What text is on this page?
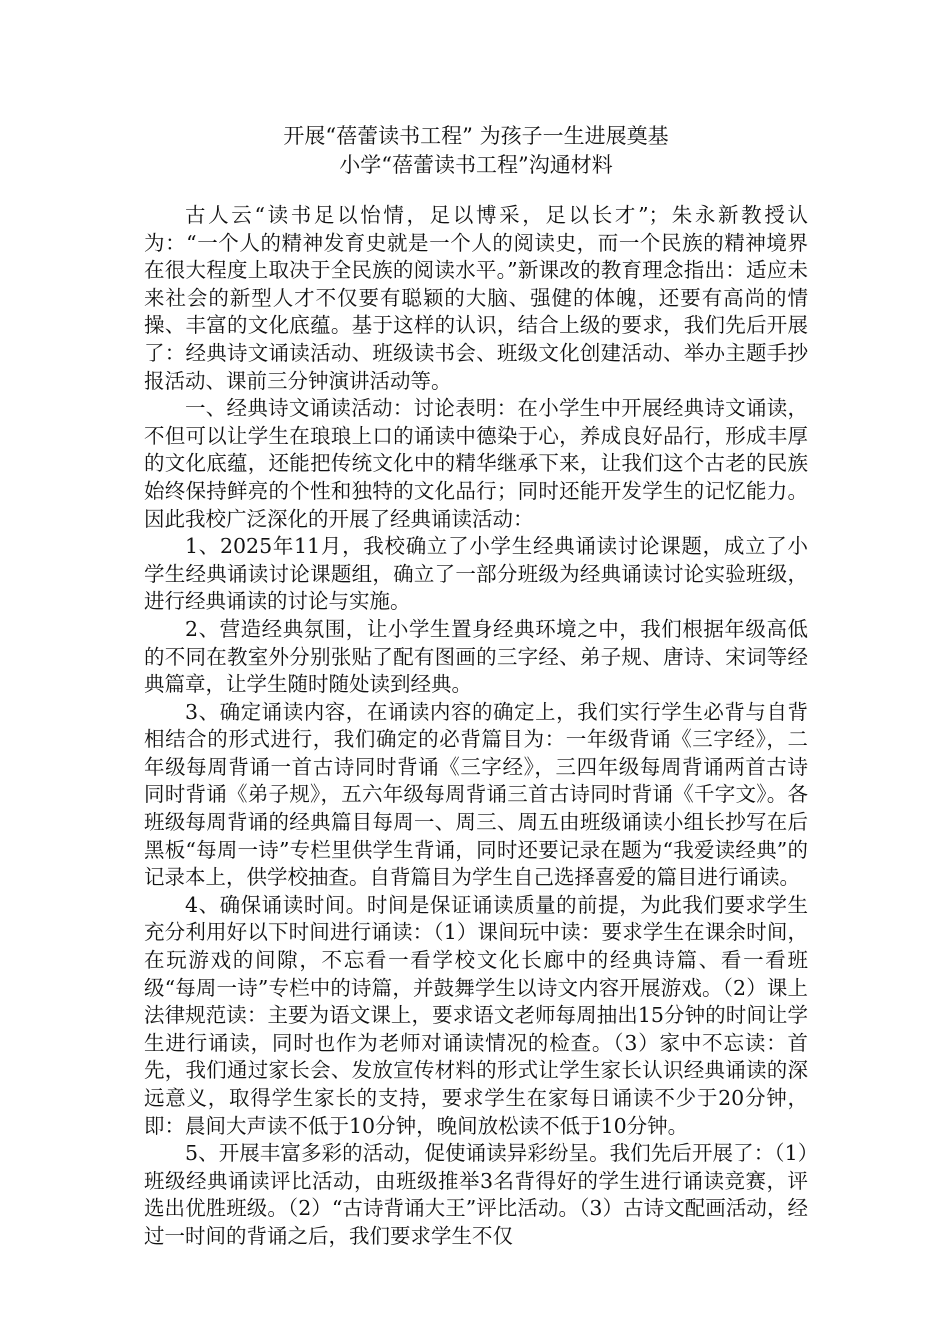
开展“蓓蕾读书工程” 为孩子一生进展奠基
小学“蓓蕾读书工程”沟通材料

古人云“读书足以怡情，足以博采，足以长才”；朱永新教授认为：“一个人的精神发育史就是一个人的阅读史，而一个民族的精神境界在很大程度上取决于全民族的阅读水平。”新课改的教育理念指出：适应未来社会的新型人才不仅要有聪颖的大脑、强健的体魄，还要有高尚的情操、丰富的文化底蕴。基于这样的认识，结合上级的要求，我们先后开展了：经典诗文诵读活动、班级读书会、班级文化创建活动、举办主题手抄报活动、课前三分钟演讲活动等。

一、经典诗文诵读活动：讨论表明：在小学生中开展经典诗文诵读，不但可以让学生在琅琅上口的诵读中德染于心，养成良好品行，形成丰厚的文化底蕴，还能把传统文化中的精华继承下来，让我们这个古老的民族始终保持鲜亮的个性和独特的文化品行；同时还能开发学生的记忆能力。因此我校广泛深化的开展了经典诵读活动：

1、2025年11月，我校确立了小学生经典诵读讨论课题，成立了小学生经典诵读讨论课题组，确立了一部分班级为经典诵读讨论实验班级，进行经典诵读的讨论与实施。

2、营造经典氛围，让小学生置身经典环境之中，我们根据年级高低的不同在教室外分别张贴了配有图画的三字经、弟子规、唐诗、宋词等经典篇章，让学生随时随处读到经典。

3、确定诵读内容，在诵读内容的确定上，我们实行学生必背与自背相结合的形式进行，我们确定的必背篇目为：一年级背诵《三字经》，二年级每周背诵一首古诗同时背诵《三字经》，三四年级每周背诵两首古诗同时背诵《弟子规》，五六年级每周背诵三首古诗同时背诵《千字文》。各班级每周背诵的经典篇目每周一、周三、周五由班级诵读小组长抄写在后黑板“每周一诗”专栏里供学生背诵，同时还要记录在题为“我爱读经典”的记录本上，供学校抽查。自背篇目为学生自己选择喜爱的篇目进行诵读。

4、确保诵读时间。时间是保证诵读质量的前提，为此我们要求学生充分利用好以下时间进行诵读：（1）课间玩中读：要求学生在课余时间，在玩游戏的间隙，不忘看一看学校文化长廊中的经典诗篇、看一看班级“每周一诗”专栏中的诗篇，并鼓舞学生以诗文内容开展游戏。（2）课上法律规范读：主要为语文课上，要求语文老师每周抽出15分钟的时间让学生进行诵读，同时也作为老师对诵读情况的检查。（3）家中不忘读：首先，我们通过家长会、发放宣传材料的形式让学生家长认识经典诵读的深远意义，取得学生家长的支持，要求学生在家每日诵读不少于20分钟，即：晨间大声读不低于10分钟，晚间放松读不低于10分钟。

5、开展丰富多彩的活动，促使诵读异彩纷呈。我们先后开展了：（1）班级经典诵读评比活动，由班级推举3名背得好的学生进行诵读竞赛，评选出优胜班级。（2）“古诗背诵大王”评比活动。（3）古诗文配画活动，经过一时间的背诵之后，我们要求学生不仅
